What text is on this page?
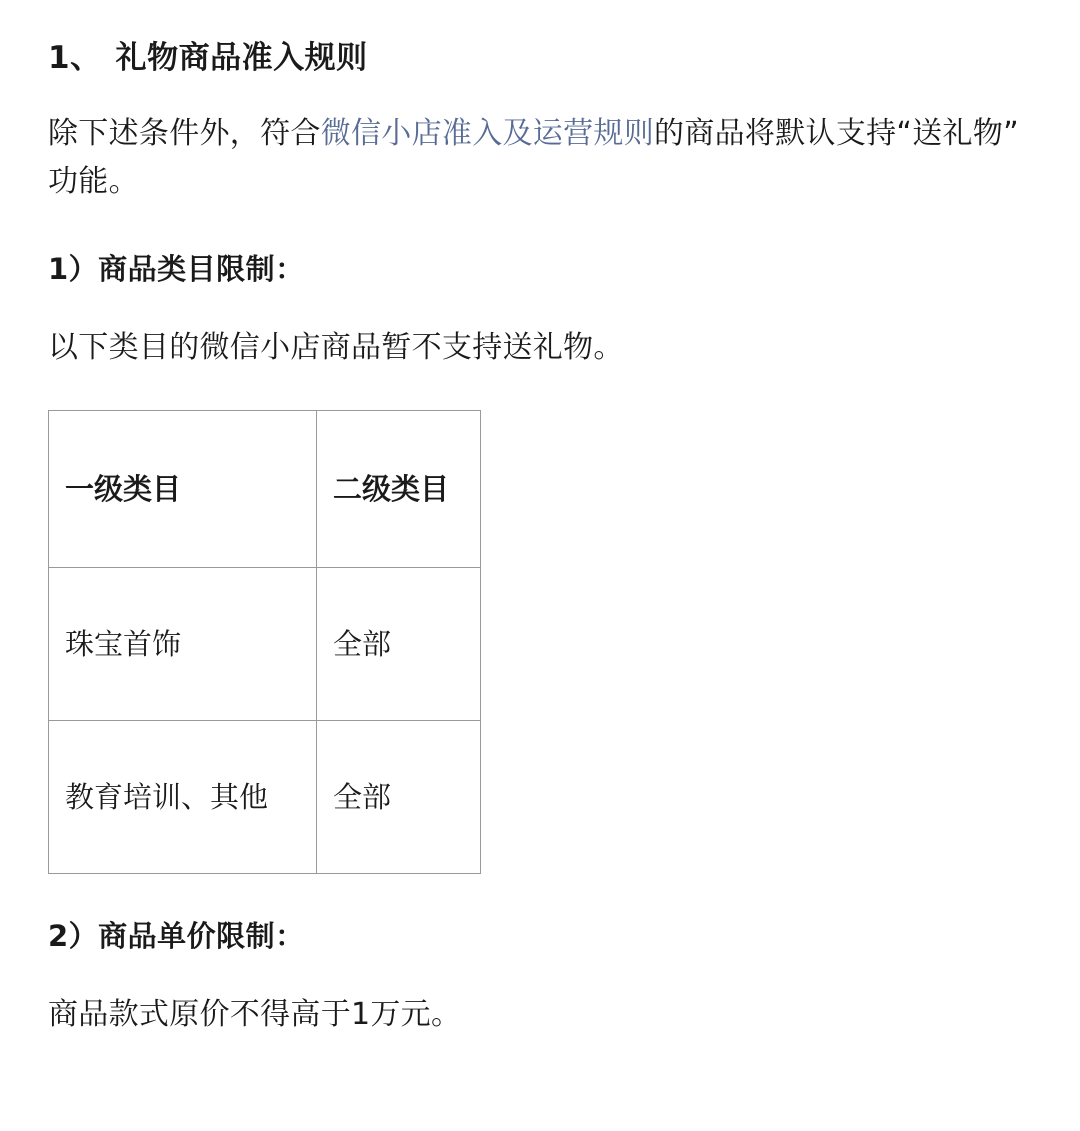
1、 礼物商品准入规则

除下述条件外，符合微信小店准入及运营规则的商品将默认支持“送礼物”功能。

1）商品类目限制：

以下类目的微信小店商品暂不支持送礼物。

一级类目	二级类目
珠宝首饰	全部
教育培训、其他	全部
2）商品单价限制：

商品款式原价不得高于1万元。
